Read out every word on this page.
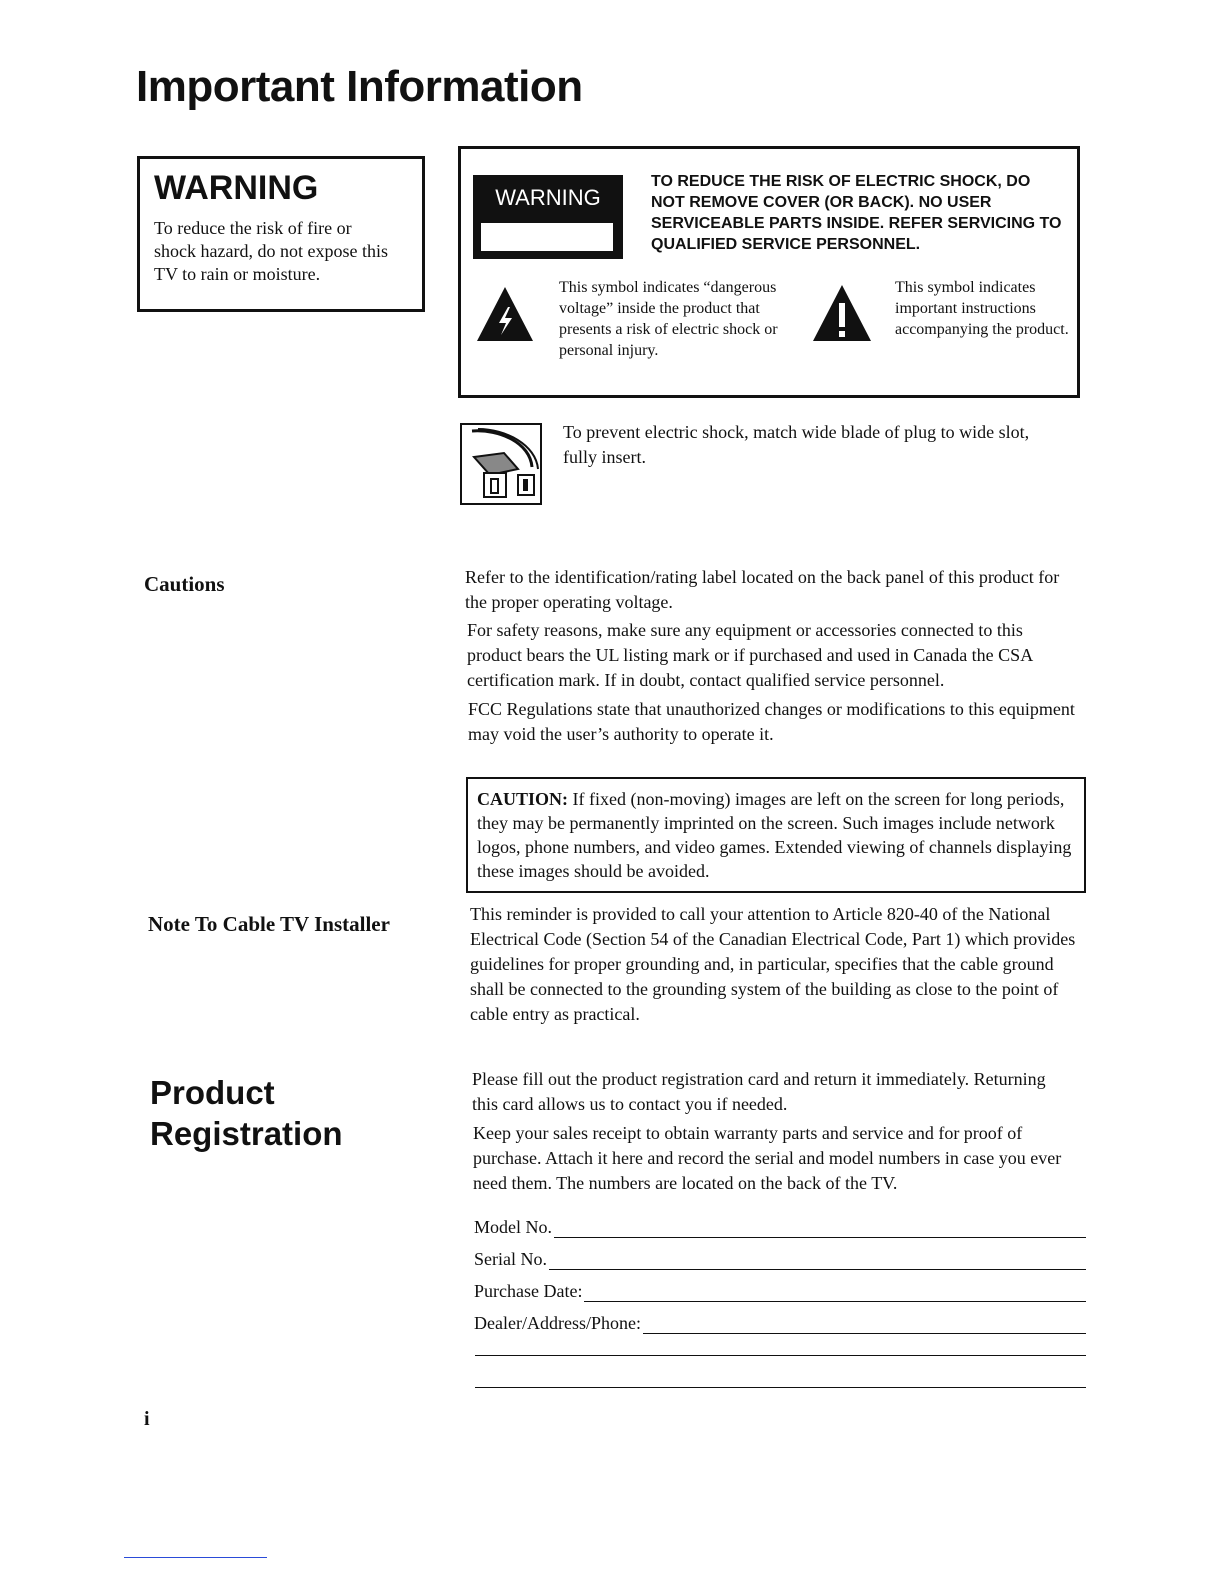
Important Information
WARNING
To reduce the risk of fire or shock hazard, do not expose this TV to rain or moisture.
WARNING
TO REDUCE THE RISK OF ELECTRIC SHOCK, DO NOT REMOVE COVER (OR BACK). NO USER SERVICEABLE PARTS INSIDE. REFER SERVICING TO QUALIFIED SERVICE PERSONNEL.
This symbol indicates “dangerous voltage” inside the product that presents a risk of electric shock or personal injury.
This symbol indicates important instructions accompanying the product.
To prevent electric shock, match wide blade of plug to wide slot, fully insert.
Cautions	Refer to the identification/rating label located on the back panel of this product for the proper operating voltage.
For safety reasons, make sure any equipment or accessories connected to this product bears the UL listing mark or if purchased and used in Canada the CSA certification mark. If in doubt, contact qualified service personnel.
FCC Regulations state that unauthorized changes or modifications to this equipment may void the user’s authority to operate it.
CAUTION: If fixed (non-moving) images are left on the screen for long periods, they may be permanently imprinted on the screen. Such images include network logos, phone numbers, and video games. Extended viewing of channels displaying these images should be avoided.
Note To Cable TV Installer	This reminder is provided to call your attention to Article 820-40 of the National Electrical Code (Section 54 of the Canadian Electrical Code, Part 1) which provides guidelines for proper grounding and, in particular, specifies that the cable ground shall be connected to the grounding system of the building as close to the point of cable entry as practical.
Product Registration
Please fill out the product registration card and return it immediately. Returning this card allows us to contact you if needed.
Keep your sales receipt to obtain warranty parts and service and for proof of purchase. Attach it here and record the serial and model numbers in case you ever need them. The numbers are located on the back of the TV.
Model No.
Serial No.
Purchase Date:
Dealer/Address/Phone:
i
